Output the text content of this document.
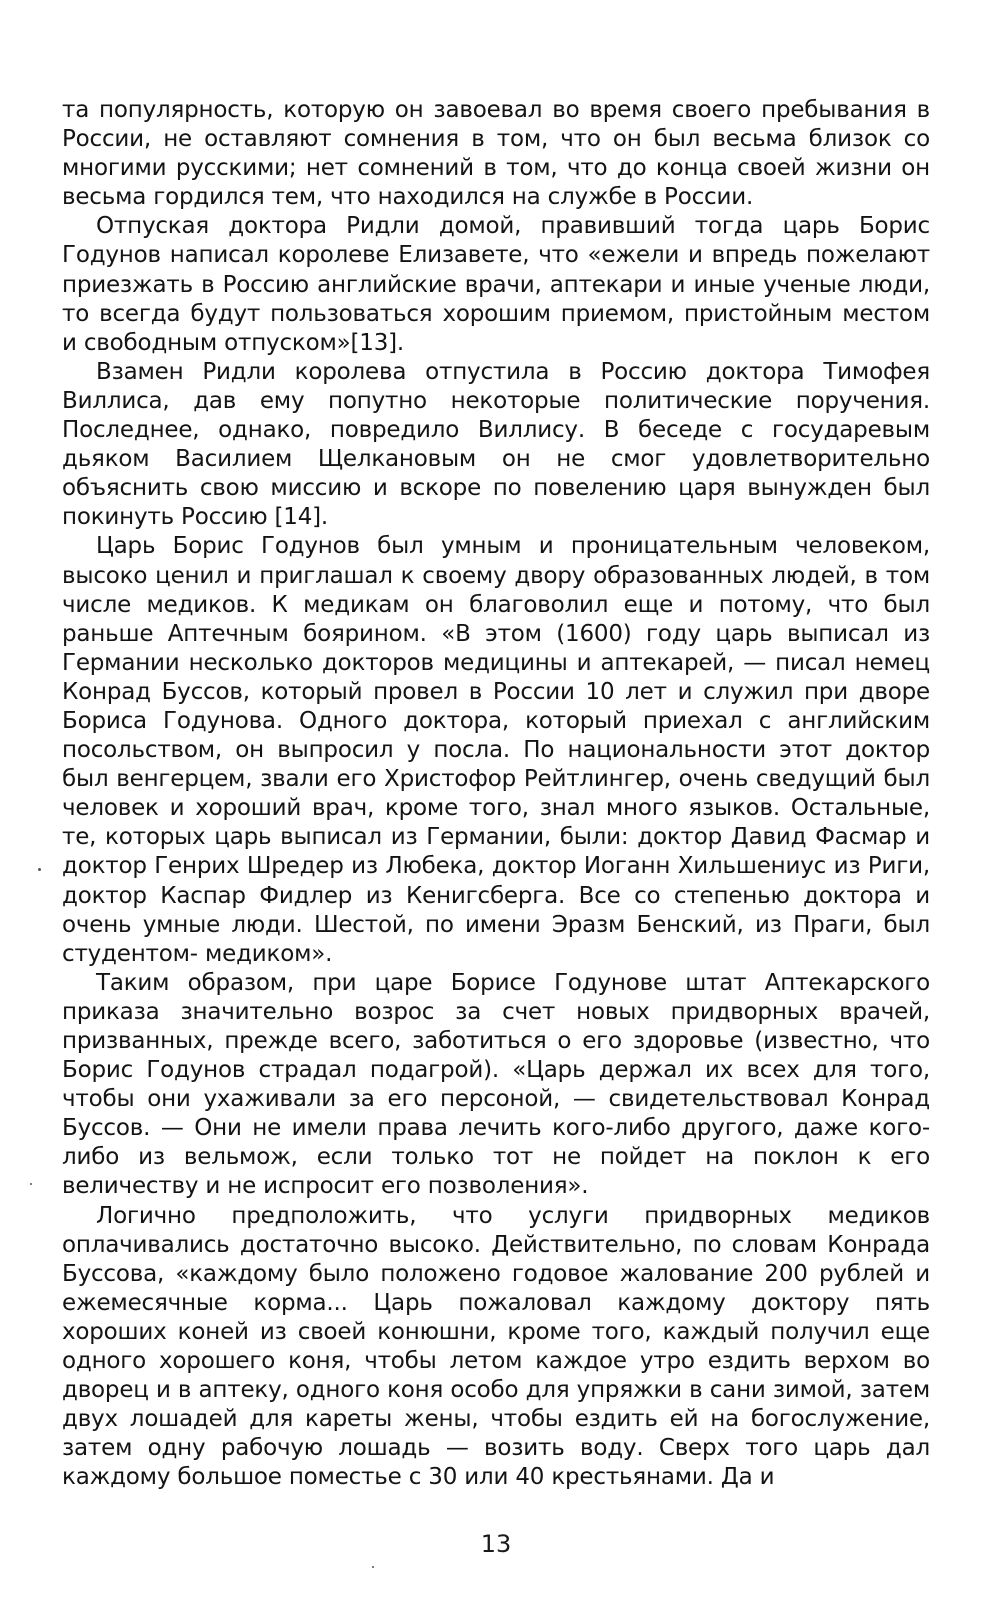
та популярность, которую он завоевал во время своего пребывания в России, не оставляют сомнения в том, что он был весьма близок со многими русскими; нет сомнений в том, что до конца своей жизни он весьма гордился тем, что находился на службе в России.

Отпуская доктора Ридли домой, правивший тогда царь Борис Годунов написал королеве Елизавете, что «ежели и впредь пожелают приезжать в Россию английские врачи, аптекари и иные ученые люди, то всегда будут пользоваться хорошим приемом, пристойным местом и свободным отпуском»[13].

Взамен Ридли королева отпустила в Россию доктора Тимофея Виллиса, дав ему попутно некоторые политические поручения. Последнее, однако, повредило Виллису. В беседе с государевым дьяком Василием Щелкановым он не смог удовлетворительно объяснить свою миссию и вскоре по повелению царя вынужден был покинуть Россию [14].

Царь Борис Годунов был умным и проницательным человеком, высоко ценил и приглашал к своему двору образованных людей, в том числе медиков. К медикам он благоволил еще и потому, что был раньше Аптечным боярином. «В этом (1600) году царь выписал из Германии несколько докторов медицины и аптекарей, — писал немец Конрад Буссов, который провел в России 10 лет и служил при дворе Бориса Годунова. Одного доктора, который приехал с английским посольством, он выпросил у посла. По национальности этот доктор был венгерцем, звали его Христофор Рейтлингер, очень сведущий был человек и хороший врач, кроме того, знал много языков. Остальные, те, которых царь выписал из Германии, были: доктор Давид Фасмар и доктор Генрих Шредер из Любека, доктор Иоганн Хильшениус из Риги, доктор Каспар Фидлер из Кенигсберга. Все со степенью доктора и очень умные люди. Шестой, по имени Эразм Бенский, из Праги, был студентом- медиком».

Таким образом, при царе Борисе Годунове штат Аптекарского приказа значительно возрос за счет новых придворных врачей, призванных, прежде всего, заботиться о его здоровье (известно, что Борис Годунов страдал подагрой). «Царь держал их всех для того, чтобы они ухаживали за его персоной, — свидетельствовал Конрад Буссов. — Они не имели права лечить кого-либо другого, даже кого-либо из вельмож, если только тот не пойдет на поклон к его величеству и не испросит его позволения».

Логично предположить, что услуги придворных медиков оплачивались достаточно высоко. Действительно, по словам Конрада Буссова, «каждому было положено годовое жалование 200 рублей и ежемесячные корма... Царь пожаловал каждому доктору пять хороших коней из своей конюшни, кроме того, каждый получил еще одного хорошего коня, чтобы летом каждое утро ездить верхом во дворец и в аптеку, одного коня особо для упряжки в сани зимой, затем двух лошадей для кареты жены, чтобы ездить ей на богослужение, затем одну рабочую лошадь — возить воду. Сверх того царь дал каждому большое поместье с 30 или 40 крестьянами. Да и

13
